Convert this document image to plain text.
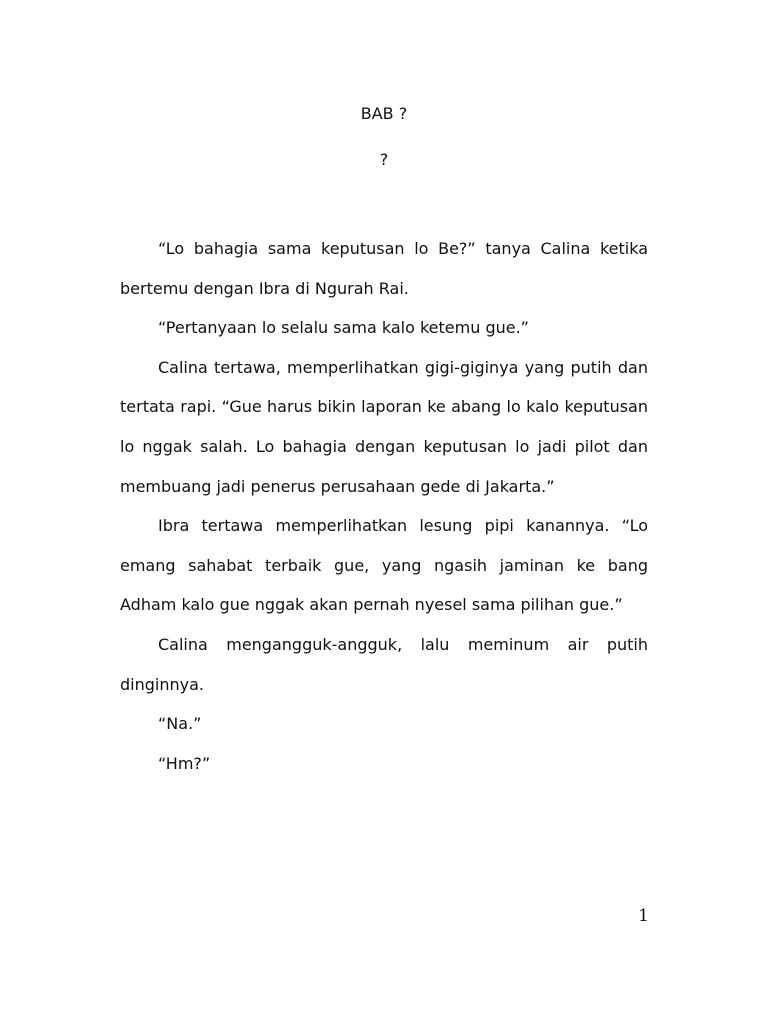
BAB ?
?

“Lo bahagia sama keputusan lo Be?” tanya Calina ketika bertemu dengan Ibra di Ngurah Rai.

“Pertanyaan lo selalu sama kalo ketemu gue.”

Calina tertawa, memperlihatkan gigi-giginya yang putih dan tertata rapi. “Gue harus bikin laporan ke abang lo kalo keputusan lo nggak salah. Lo bahagia dengan keputusan lo jadi pilot dan membuang jadi penerus perusahaan gede di Jakarta.”

Ibra tertawa memperlihatkan lesung pipi kanannya. “Lo emang sahabat terbaik gue, yang ngasih jaminan ke bang Adham kalo gue nggak akan pernah nyesel sama pilihan gue.”

Calina mengangguk-angguk, lalu meminum air putih dinginnya.

“Na.”

“Hm?”

1
